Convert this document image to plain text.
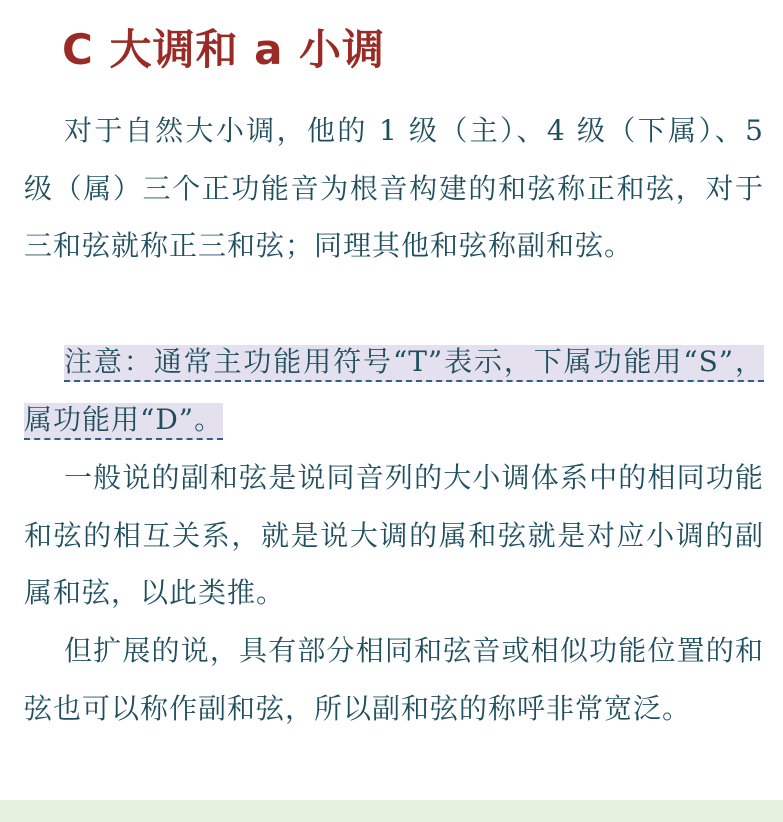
C 大调和 a 小调

对于自然大小调，他的 1 级（主）、4 级（下属）、5 级（属）三个正功能音为根音构建的和弦称正和弦，对于三和弦就称正三和弦；同理其他和弦称副和弦。

注意：通常主功能用符号“T”表示，下属功能用“S”，属功能用“D”。

一般说的副和弦是说同音列的大小调体系中的相同功能和弦的相互关系，就是说大调的属和弦就是对应小调的副属和弦，以此类推。

但扩展的说，具有部分相同和弦音或相似功能位置的和弦也可以称作副和弦，所以副和弦的称呼非常宽泛。
